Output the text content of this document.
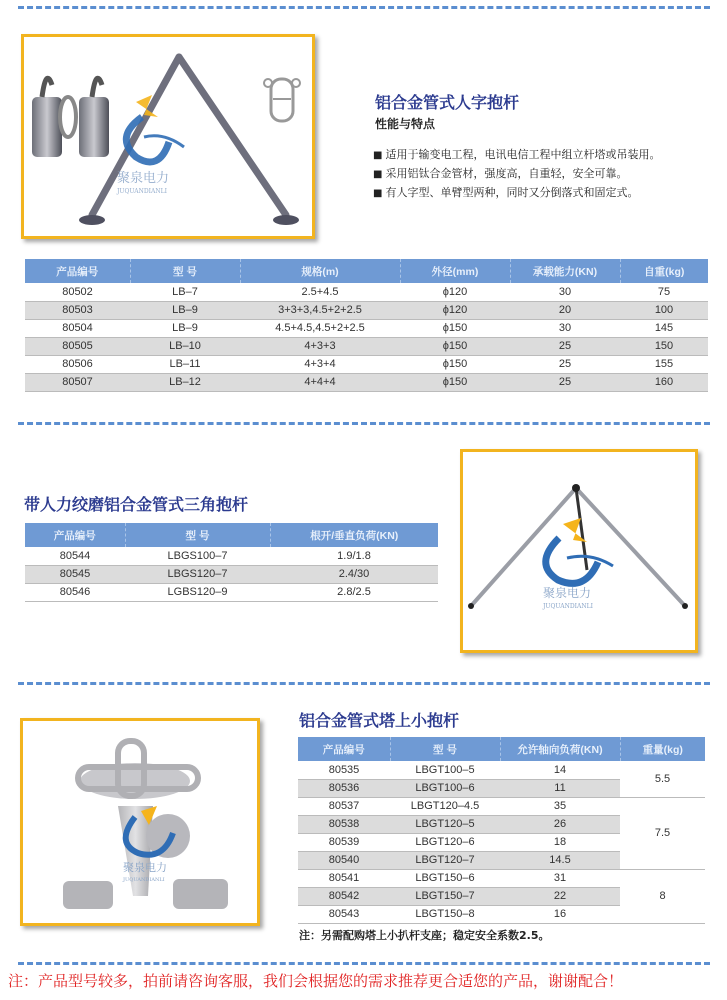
聚泉电力
JUQUANDIANLI
铝合金管式人字抱杆
性能与特点
■ 适用于输变电工程，电讯电信工程中组立杆塔或吊装用。
■ 采用铝钛合金管材，强度高，自重轻，安全可靠。
■ 有人字型、单臂型两种，同时又分倒落式和固定式。
产品编号	型 号	规格(m)	外径(mm)	承载能力(KN)	自重(kg)
80502	LB–7	2.5+4.5	ϕ120	30	75
80503	LB–9	3+3+3,4.5+2+2.5	ϕ120	20	100
80504	LB–9	4.5+4.5,4.5+2+2.5	ϕ150	30	145
80505	LB–10	4+3+3	ϕ150	25	150
80506	LB–11	4+3+4	ϕ150	25	155
80507	LB–12	4+4+4	ϕ150	25	160
带人力绞磨铝合金管式三角抱杆
产品编号	型 号	根开/垂直负荷(KN)
80544	LBGS100–7	1.9/1.8
80545	LBGS120–7	2.4/30
80546	LGBS120–9	2.8/2.5	聚泉电力
JUQUANDIANLI
聚泉电力
JUQUANDIANLI
铝合金管式塔上小抱杆
产品编号	型 号	允许轴向负荷(KN)	重量(kg)
80535	LBGT100–5	14	5.5
80536	LBGT100–6	11	
80537	LBGT120–4.5	35	7.5
80538	LBGT120–5	26	
80539	LBGT120–6	18	
80540	LBGT120–7	14.5	
80541	LBGT150–6	31	8
80542	LBGT150–7	22	
80543	LBGT150–8	16	
注：另需配购塔上小扒杆支座；稳定安全系数2.5。
注：产品型号较多，拍前请咨询客服，我们会根据您的需求推荐更合适您的产品，谢谢配合！
